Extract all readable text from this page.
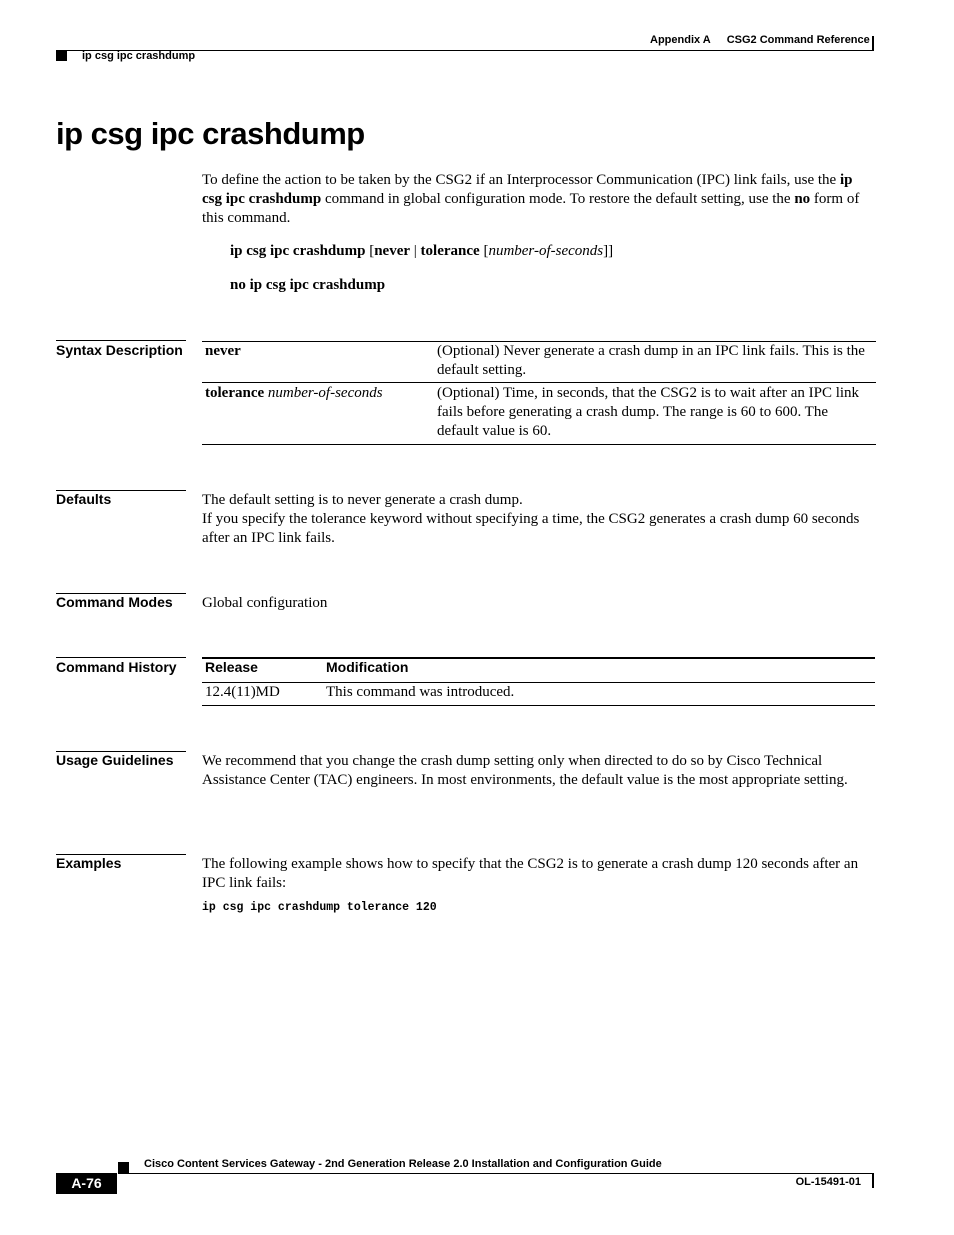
Appendix A CSG2 Command Reference
ip csg ipc crashdump
ip csg ipc crashdump
To define the action to be taken by the CSG2 if an Interprocessor Communication (IPC) link fails, use the ip csg ipc crashdump command in global configuration mode. To restore the default setting, use the no form of this command.
ip csg ipc crashdump [never | tolerance [number-of-seconds]]
no ip csg ipc crashdump
Syntax Description never	(Optional) Never generate a crash dump in an IPC link fails. This is the default setting.
tolerance number-of-seconds	(Optional) Time, in seconds, that the CSG2 is to wait after an IPC link fails before generating a crash dump. The range is 60 to 600. The default value is 60.
Defaults	The default setting is to never generate a crash dump.
If you specify the tolerance keyword without specifying a time, the CSG2 generates a crash dump 60 seconds after an IPC link fails.
Command Modes Global configuration
Command History Release	Modification
12.4(11)MD	This command was introduced.
Usage Guidelines We recommend that you change the crash dump setting only when directed to do so by Cisco Technical Assistance Center (TAC) engineers. In most environments, the default value is the most appropriate setting.
Examples	The following example shows how to specify that the CSG2 is to generate a crash dump 120 seconds after an IPC link fails:
ip csg ipc crashdump tolerance 120
Cisco Content Services Gateway - 2nd Generation Release 2.0 Installation and Configuration Guide
A-76	OL-15491-01
